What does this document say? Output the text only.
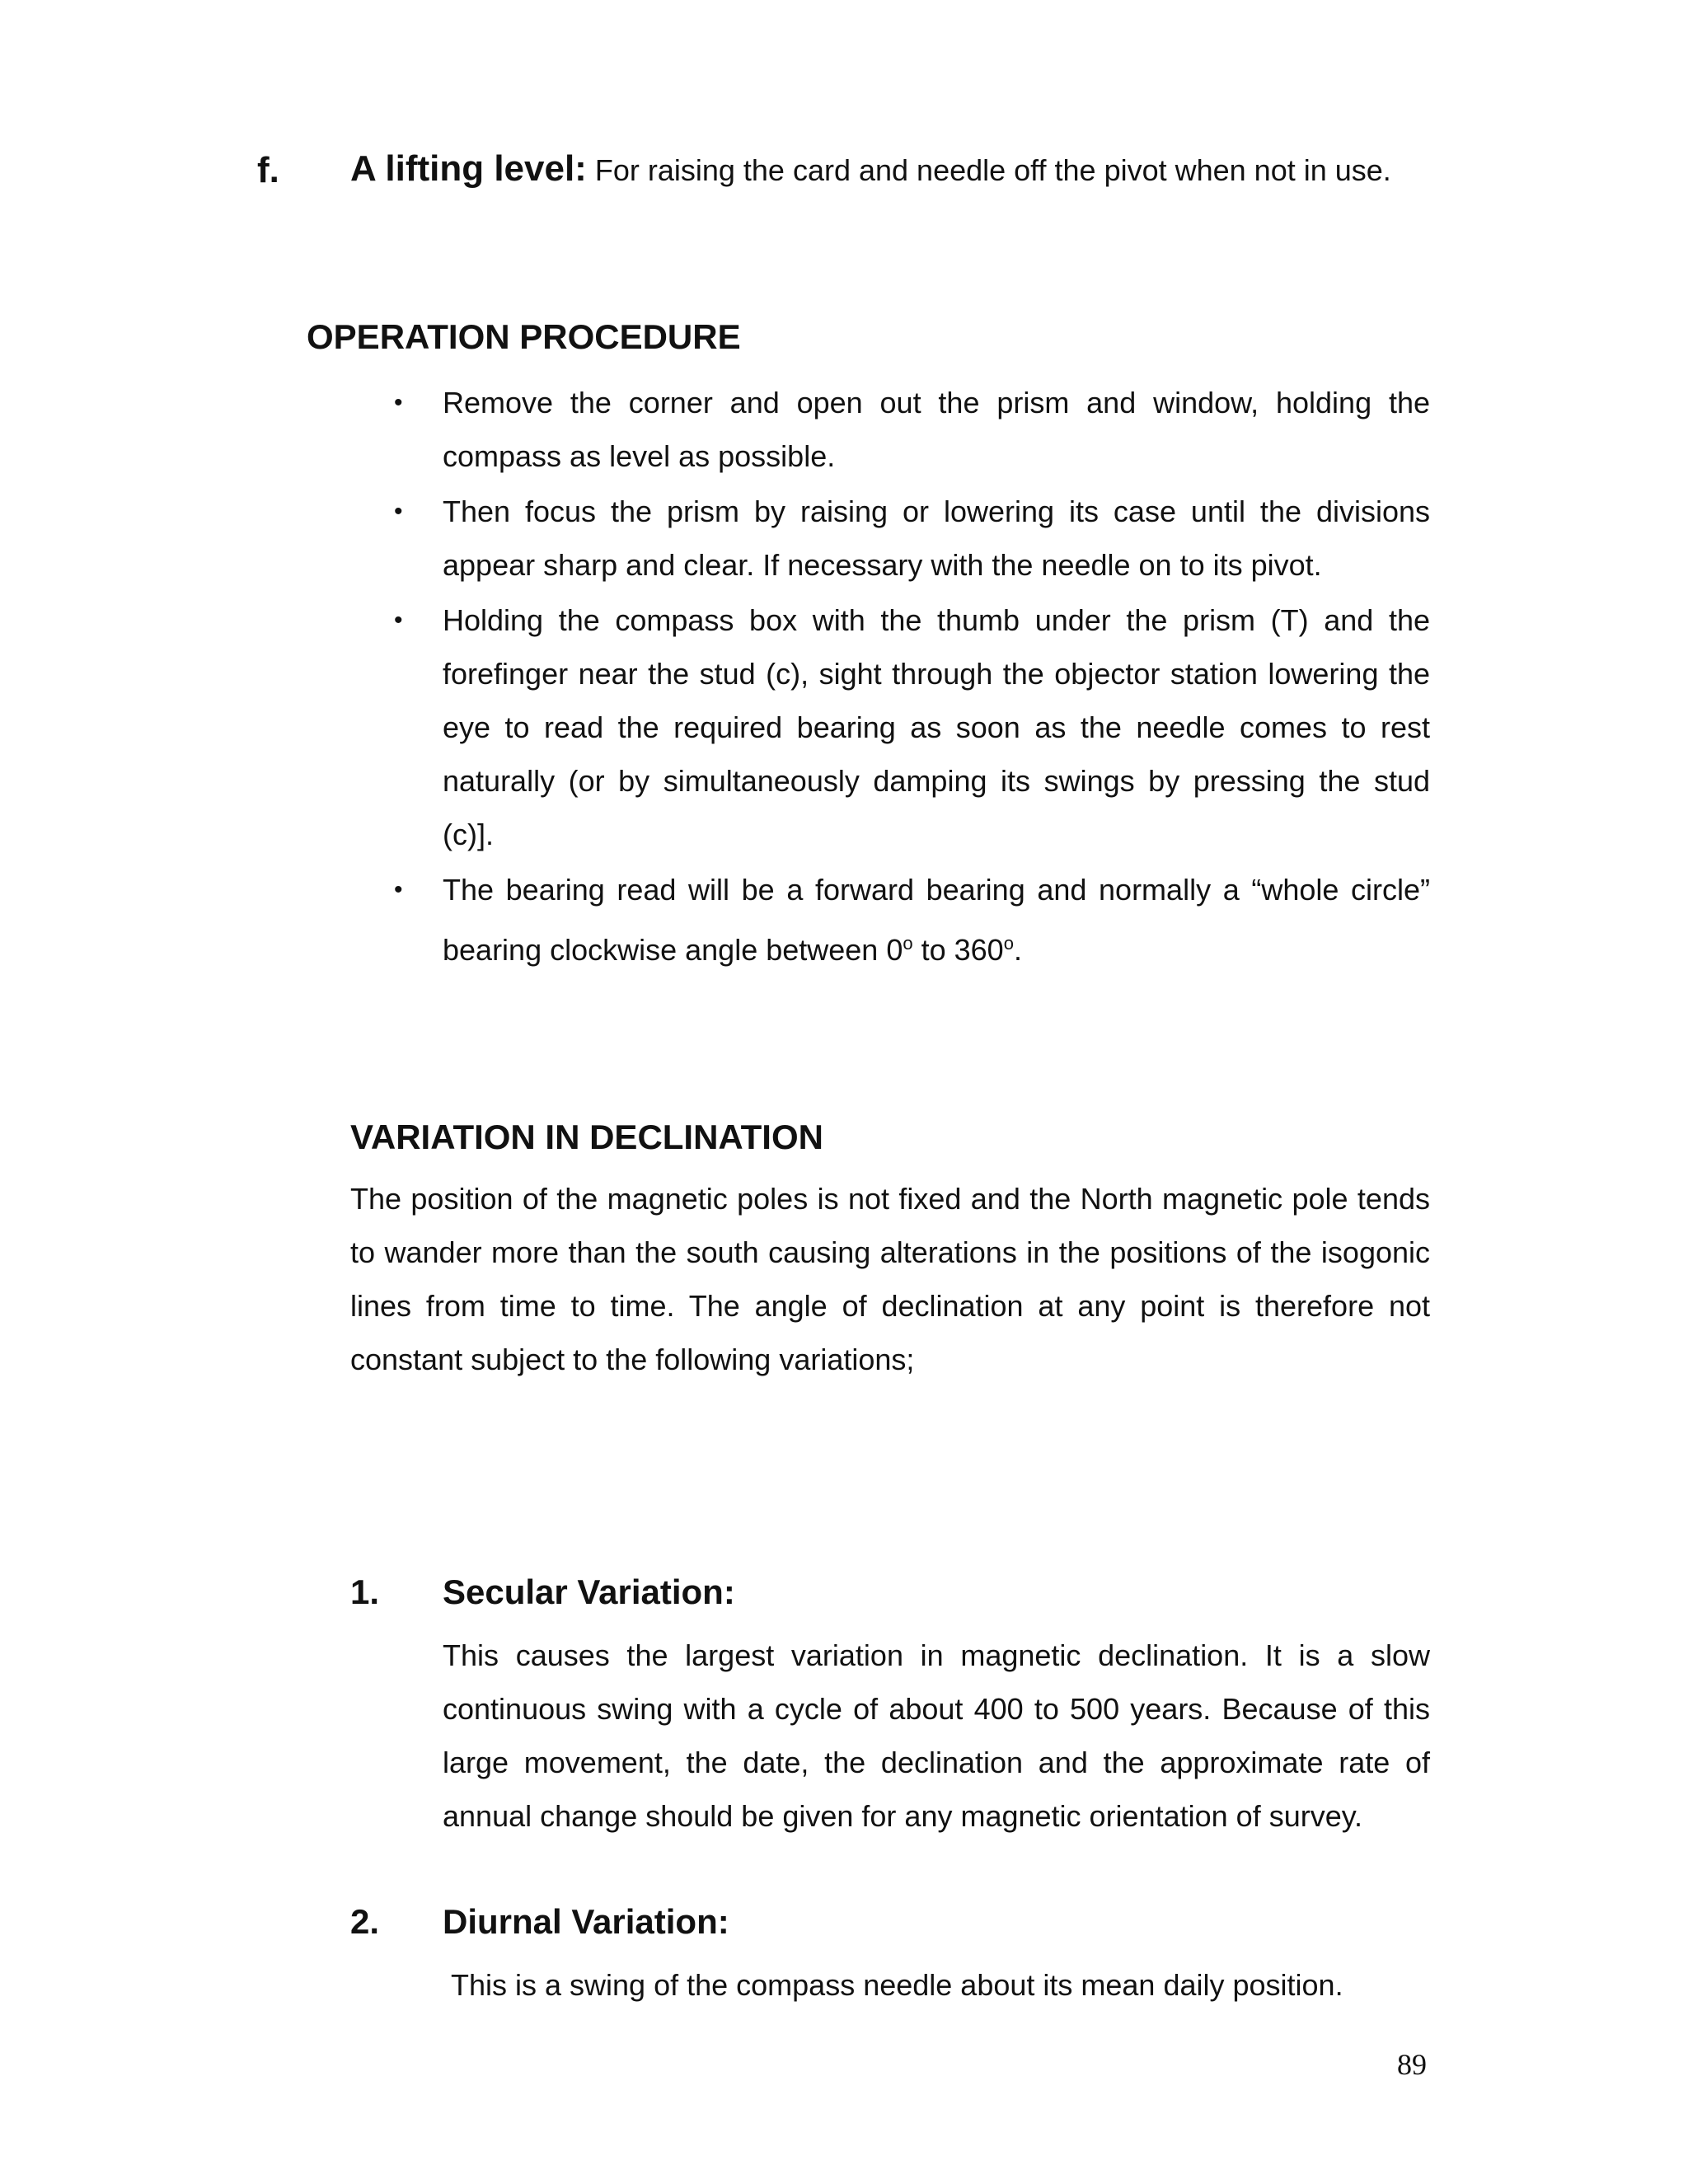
f. A lifting level: For raising the card and needle off the pivot when not in use.
OPERATION PROCEDURE
• Remove the corner and open out the prism and window, holding the compass as level as possible.
• Then focus the prism by raising or lowering its case until the divisions appear sharp and clear. If necessary with the needle on to its pivot.
• Holding the compass box with the thumb under the prism (T) and the forefinger near the stud (c), sight through the objector station lowering the eye to read the required bearing as soon as the needle comes to rest naturally (or by simultaneously damping its swings by pressing the stud (c)].
• The bearing read will be a forward bearing and normally a “whole circle” bearing clockwise angle between 0$^o$ to 360$^o$.
VARIATION IN DECLINATION
The position of the magnetic poles is not fixed and the North magnetic pole tends to wander more than the south causing alterations in the positions of the isogonic lines from time to time. The angle of declination at any point is therefore not constant subject to the following variations;
1. Secular Variation:
This causes the largest variation in magnetic declination. It is a slow continuous swing with a cycle of about 400 to 500 years. Because of this large movement, the date, the declination and the approximate rate of annual change should be given for any magnetic orientation of survey.
2. Diurnal Variation:
This is a swing of the compass needle about its mean daily position.
89
